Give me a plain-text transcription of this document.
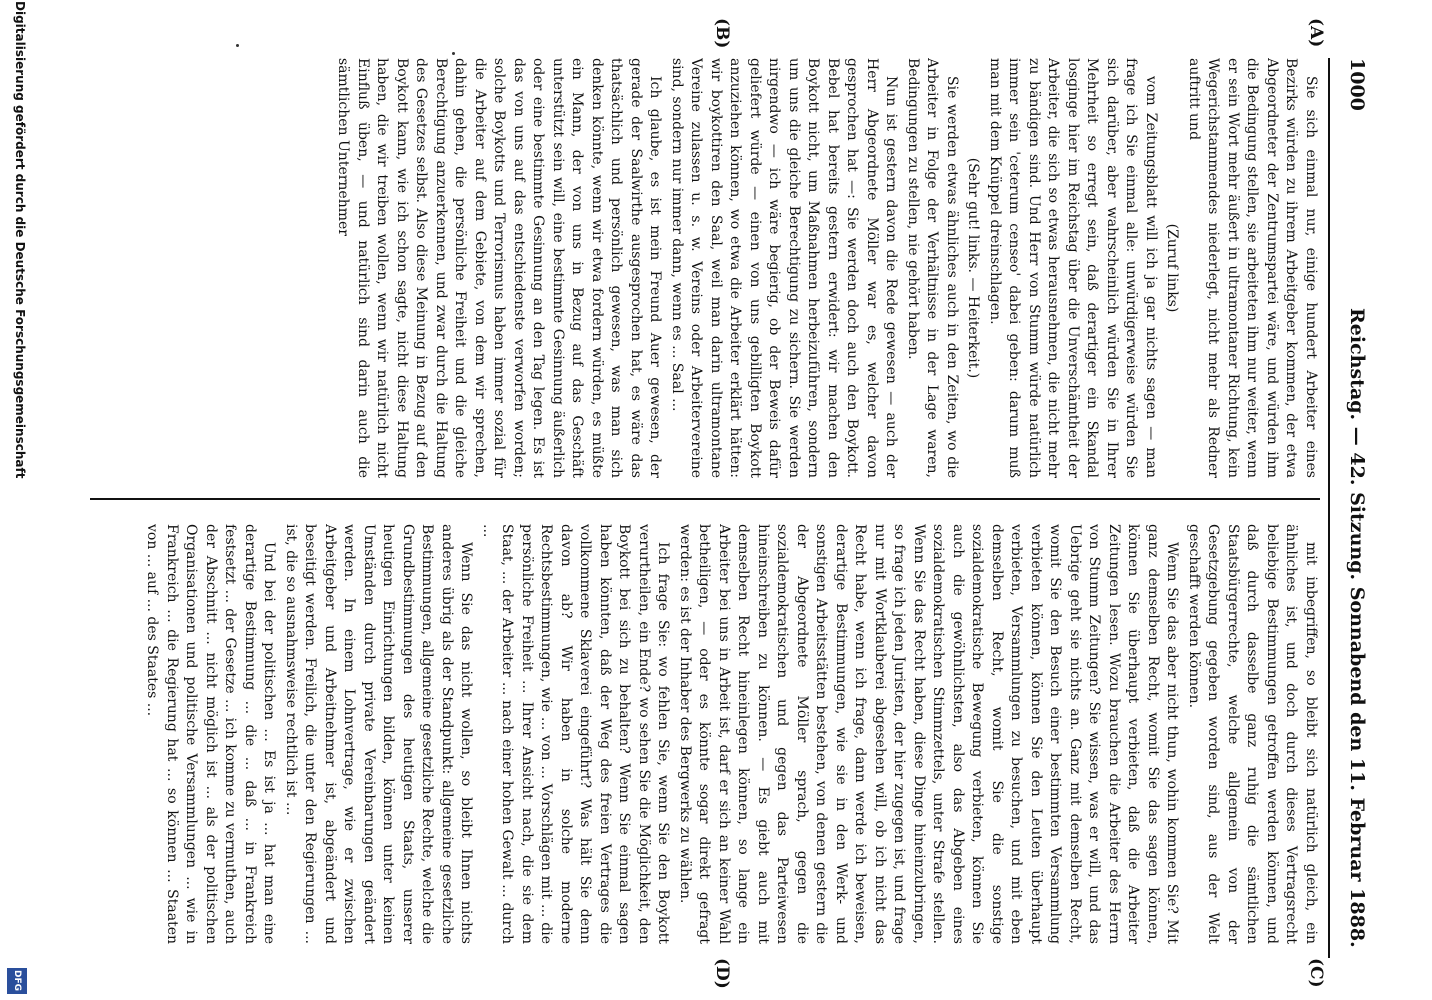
1000
Reichstag. — 42. Sitzung. Sonnabend den 11. Februar 1888.
(A)
(B)
(C)
(D)

Sie sich einmal nur, einige hundert Arbeiter eines Bezirks würden zu ihrem Arbeitgeber kommen, der etwa Abgeordneter der Zentrumspartei wäre, und würden ihm die Bedingung stellen, sie arbeiteten ihm nur weiter, wenn er sein Wort mehr äußert in ultramontaner Richtung, kein Wegerichstammendes niederlegt, nicht mehr als Redner auftritt und

(Zuruf links)

vom Zeitungsblatt will ich ja gar nichts sagen — man frage ich Sie einmal alle: unwürdigerweise würden Sie sich darüber, aber wahrscheinlich würden Sie in Ihrer Mehrheit so erregt sein, daß derartiger ein Skandal losginge hier im Reichstag über die Unverschämtheit der Arbeiter, die sich so etwas herausnehmen, die nicht mehr zu bändigen sind. Und Herr von Stumm würde natürlich immer sein 'ceterum censeo' dabei geben: darum muß man mit dem Knüppel dreinschlagen.

(Sehr gut! links. — Heiterkeit.)

Sie werden etwas ähnliches auch in den Zeiten, wo die Arbeiter in Folge der Verhältnisse in der Lage waren, Bedingungen zu stellen, nie gehört haben.

Nun ist gestern davon die Rede gewesen — auch der Herr Abgeordnete Möller war es, welcher davon gesprochen hat —: Sie werden doch auch den Boykott. Bebel hat bereits gestern erwidert: wir machen den Boykott nicht, um Maßnahmen herbeizuführen, sondern um uns die gleiche Berechtigung zu sichern. Sie werden nirgendwo — ich wäre begierig, ob der Beweis dafür geliefert würde — einen von uns gebilligten Boykott anzuziehen können, wo etwa die Arbeiter erklärt hätten: wir boykottiren den Saal, weil man darin ultramontane Vereine zulassen u. s. w. Vereins oder Arbeitervereine sind, sondern nur immer dann, wenn es ... Saal ...

Ich glaube, es ist mein Freund Auer gewesen, der gerade der Saalwirthe ausgesprochen hat, es wäre das thatsächlich und persönlich gewesen, was man sich denken könnte, wenn wir etwa fordern würden, es müßte ein Mann, der von uns in Bezug auf das Geschäft unterstützt sein will, eine bestimmte Gesinnung äußerlich oder eine bestimmte Gesinnung an den Tag legen. Es ist das von uns auf das entschiedenste verworfen worden; solche Boykotts und Terrorismus haben immer sozial für die Arbeiter auf dem Gebiete, von dem wir sprechen, dahin gehen, die persönliche Freiheit und die gleiche Berechtigung anzuerkennen, und zwar durch die Haltung des Gesetzes selbst. Also diese Meinung in Bezug auf den Boykott kann, wie ich schon sagte, nicht diese Haltung haben, die wir treiben wollen, wenn wir natürlich nicht Einfluß üben, — und natürlich sind darin auch die sämtlichen Unternehmer

mit inbegriffen, so bleibt sich natürlich gleich, ein ähnliches ist, und doch durch dieses Vertragsrecht beliebige Bestimmungen getroffen werden können, und daß durch dasselbe ganz ruhig die sämtlichen Staatsbürgerrechte, welche allgemein von der Gesetzgebung gegeben worden sind, aus der Welt geschafft werden können.

Wenn Sie das aber nicht thun, wohin kommen Sie? Mit ganz demselben Recht, womit Sie das sagen können, können Sie überhaupt verbieten, daß die Arbeiter Zeitungen lesen. Wozu brauchen die Arbeiter des Herrn von Stumm Zeitungen? Sie wissen, was er will, und das Uebrige geht sie nichts an. Ganz mit demselben Recht, womit Sie den Besuch einer bestimmten Versammlung verbieten können, können Sie den Leuten überhaupt verbieten, Versammlungen zu besuchen, und mit eben demselben Recht, womit Sie die sonstige sozialdemokratische Bewegung verbieten, können Sie auch die gewöhnlichsten, also das Abgeben eines sozialdemokratischen Stimmzettels, unter Strafe stellen. Wenn Sie das Recht haben, diese Dinge hineinzubringen, so frage ich jeden Juristen, der hier zugegen ist, und frage nur mit Wortklauberei abgesehen will, ob ich nicht das Recht habe, wenn ich frage, dann werde ich beweisen, derartige Bestimmungen, wie sie in den Werk- und sonstigen Arbeitsstätten bestehen, von denen gestern die der Abgeordnete Möller sprach, gegen die sozialdemokratischen und gegen das Parteiwesen hineinschreiben zu können. — Es giebt auch mit demselben Recht hineinlegen können, so lange ein Arbeiter bei uns in Arbeit ist, darf er sich an keiner Wahl betheiligen, — oder es könnte sogar direkt gefragt werden: es ist der Inhaber des Bergwerks zu wählen.

Ich frage Sie: wo fehlen Sie, wenn Sie den Boykott verurtheilen, ein Ende? wo sehen Sie die Möglichkeit, den Boykott bei sich zu behalten? Wenn Sie einmal sagen haben könnten, daß der Weg des freien Vertrages die vollkommene Sklaverei eingeführt? Was hält Sie denn davon ab? Wir haben in solche moderne Rechtsbestimmungen, wie ... von ... Vorschlägen mit ... die persönliche Freiheit ... Ihrer Ansicht nach, die sie dem Staat, ... der Arbeiter ... nach einer hohen Gewalt ... durch ...

Wenn Sie das nicht wollen, so bleibt Ihnen nichts anderes übrig als der Standpunkt: allgemeine gesetzliche Bestimmungen, allgemeine gesetzliche Rechte, welche die Grundbestimmungen des heutigen Staats, unserer heutigen Einrichtungen bilden, können unter keinen Umständen durch private Vereinbarungen geändert werden. In einem Lohnvertrage, wie er zwischen Arbeitgeber und Arbeitnehmer ist, abgeändert und beseitigt werden. Freilich, die unter den Regierungen ... ist, die so ausnahmsweise rechtlich ist ...

Und bei der politischen ... Es ist ja ... hat man eine derartige Bestimmung ... die ... daß ... in Frankreich festsetzt ... der Gesetze ... ich komme zu vermuthen, auch der Abschnitt ... nicht möglich ist ... als der politischen Organisationen und politische Versammlungen ... wie in Frankreich ... die Regierung hat ... so können ... Staaten von ... auf ... des Staates ...

Digitalisierung gefördert durch die Deutsche Forschungsgemeinschaft
DFG
